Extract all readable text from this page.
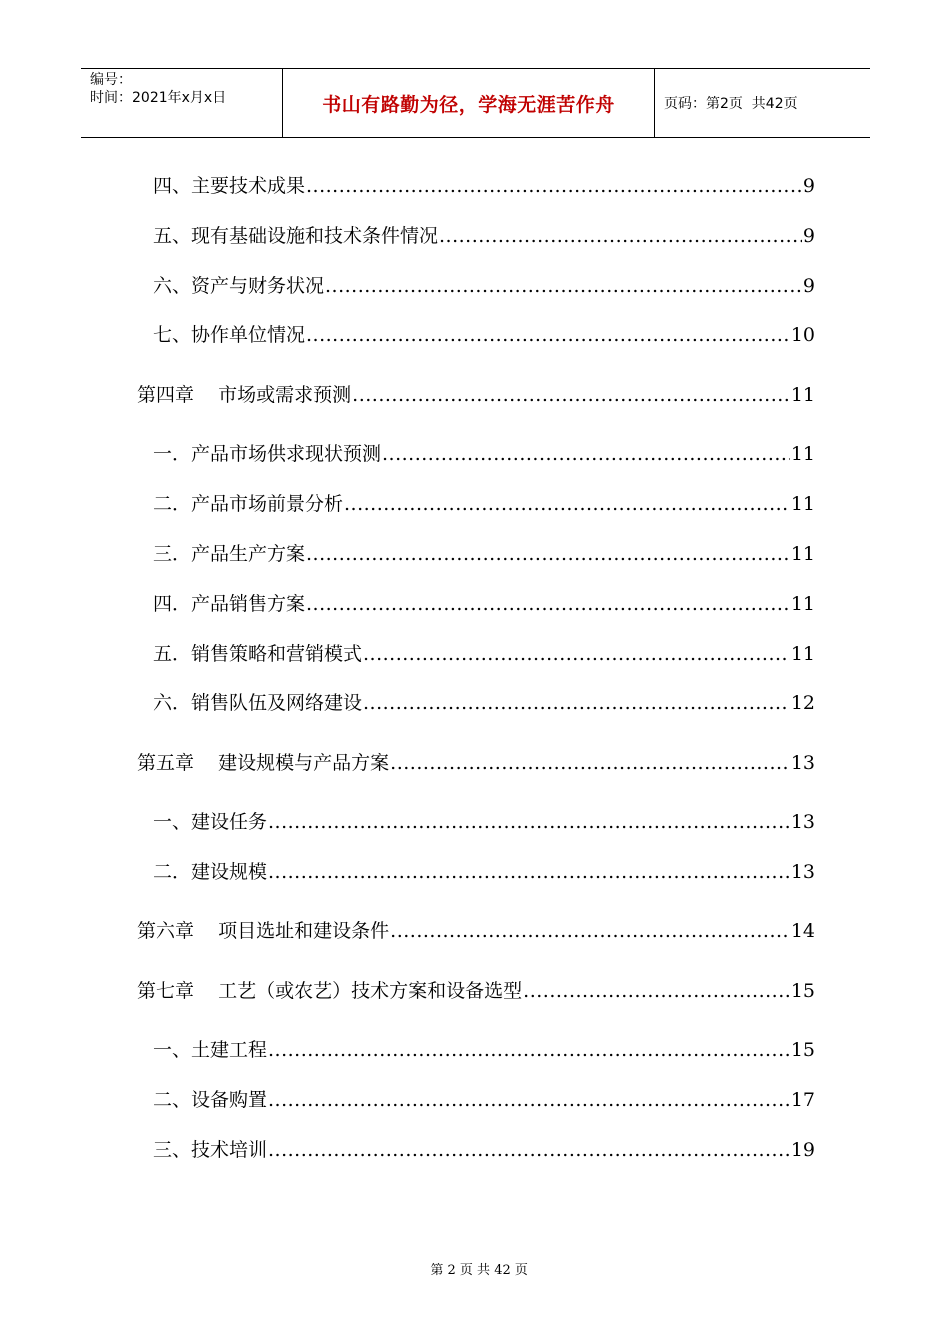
编号：
时间：2021年x月x日	书山有路勤为径，学海无涯苦作舟	页码：第2页  共42页
四、主要技术成果 .....	9
五、现有基础设施和技术条件情况 .....	9
六、资产与财务状况 .....	9
七、协作单位情况 .....	10
第四章    市场或需求预测 .....	11
一．产品市场供求现状预测 .....	11
二．产品市场前景分析 .....	11
三．产品生产方案 .....	11
四．产品销售方案 .....	11
五．销售策略和营销模式 .....	11
六．销售队伍及网络建设 .....	12
第五章    建设规模与产品方案 .....	13
一、建设任务 .....	13
二．建设规模 .....	13
第六章    项目选址和建设条件 .....	14
第七章    工艺（或农艺）技术方案和设备选型 .....	15
一、土建工程 .....	15
二、设备购置 .....	17
三、技术培训 .....	19

第 2 页 共 42 页
